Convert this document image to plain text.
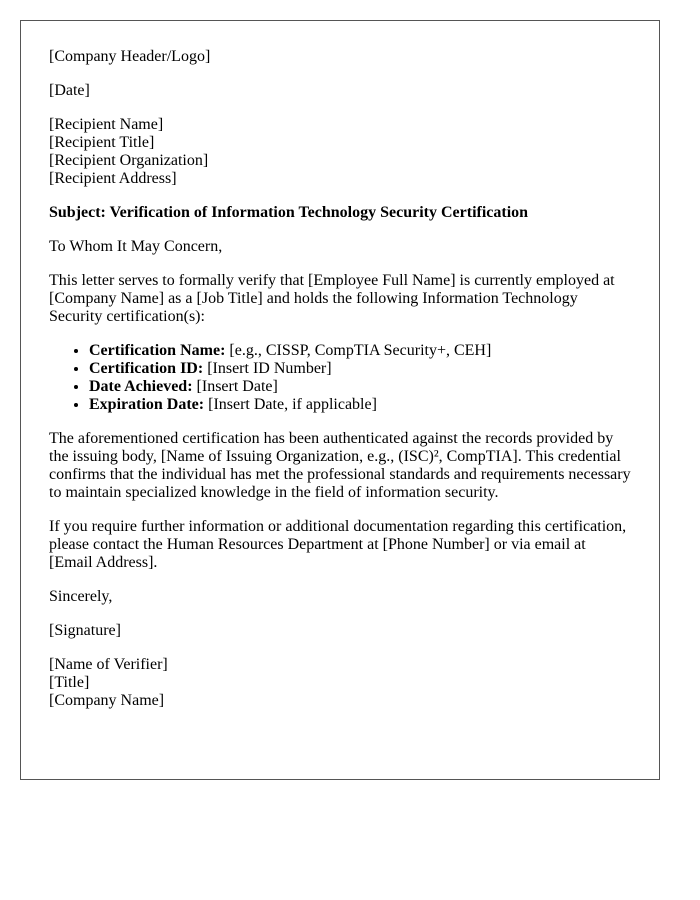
[Company Header/Logo]
[Date]
[Recipient Name]
[Recipient Title]
[Recipient Organization]
[Recipient Address]
Subject: Verification of Information Technology Security Certification
To Whom It May Concern,

This letter serves to formally verify that [Employee Full Name] is currently employed at [Company Name] as a [Job Title] and holds the following Information Technology Security certification(s):

• Certification Name: [e.g., CISSP, CompTIA Security+, CEH]
• Certification ID: [Insert ID Number]
• Date Achieved: [Insert Date]
• Expiration Date: [Insert Date, if applicable]

The aforementioned certification has been authenticated against the records provided by the issuing body, [Name of Issuing Organization, e.g., (ISC)², CompTIA]. This credential confirms that the individual has met the professional standards and requirements necessary to maintain specialized knowledge in the field of information security.

If you require further information or additional documentation regarding this certification, please contact the Human Resources Department at [Phone Number] or via email at [Email Address].

Sincerely,
[Signature]
[Name of Verifier]
[Title]
[Company Name]
